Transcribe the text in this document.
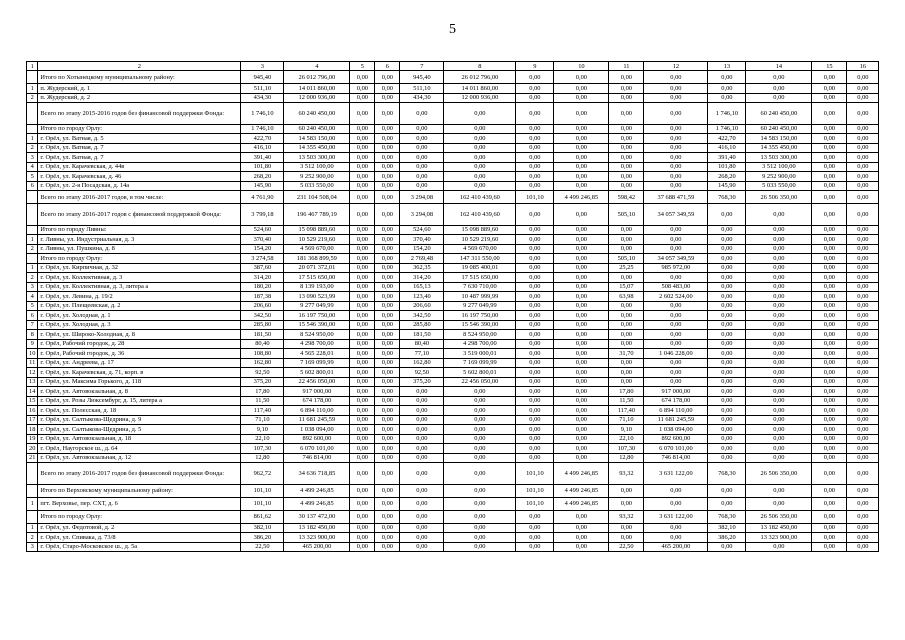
5
1	2	3	4	5	6	7	8	9	10	11	12	13	14	15	16
	Итого по Хотынецкому муниципальному району:	945,40	26 012 796,00	0,00	0,00	945,40	26 012 796,00	0,00	0,00	0,00	0,00	0,00	0,00	0,00	0,00
1	п. Жудерский, д. 1	511,10	14 011 860,00	0,00	0,00	511,10	14 011 860,00	0,00	0,00	0,00	0,00	0,00	0,00	0,00	0,00
2	п. Жудерский, д. 2	434,30	12 000 936,00	0,00	0,00	434,30	12 000 936,00	0,00	0,00	0,00	0,00	0,00	0,00	0,00	0,00
	Всего по этапу 2015-2016 годов без финансовой поддержки Фонда:	1 746,10	60 240 450,00	0,00	0,00	0,00	0,00	0,00	0,00	0,00	0,00	1 746,10	60 240 450,00	0,00	0,00
	Итого по городу Орлу:	1 746,10	60 240 450,00	0,00	0,00	0,00	0,00	0,00	0,00	0,00	0,00	1 746,10	60 240 450,00	0,00	0,00
1	г. Орёл, ул. Ватная, д. 5	422,70	14 583 150,00	0,00	0,00	0,00	0,00	0,00	0,00	0,00	0,00	422,70	14 583 150,00	0,00	0,00
2	г. Орёл, ул. Ватная, д. 7	416,10	14 355 450,00	0,00	0,00	0,00	0,00	0,00	0,00	0,00	0,00	416,10	14 355 450,00	0,00	0,00
3	г. Орёл, ул. Ватная, д. 7	391,40	13 503 300,00	0,00	0,00	0,00	0,00	0,00	0,00	0,00	0,00	391,40	13 503 300,00	0,00	0,00
4	г. Орёл, ул. Карачевская, д. 44в	101,80	3 512 100,00	0,00	0,00	0,00	0,00	0,00	0,00	0,00	0,00	101,80	3 512 100,00	0,00	0,00
5	г. Орёл, ул. Карачевская, д. 46	268,20	9 252 900,00	0,00	0,00	0,00	0,00	0,00	0,00	0,00	0,00	268,20	9 252 900,00	0,00	0,00
6	г. Орёл, ул. 2-я Посадская, д. 14а	145,90	5 033 550,00	0,00	0,00	0,00	0,00	0,00	0,00	0,00	0,00	145,90	5 033 550,00	0,00	0,00
	Всего по этапу 2016-2017 годов, в том числе:	4 761,90	231 104 508,04	0,00	0,00	3 294,08	162 410 439,60	101,10	4 499 246,85	598,42	37 688 471,59	768,30	26 506 350,00	0,00	0,00
	Всего по этапу 2016-2017 годов с финансовой поддержкой Фонда:	3 799,18	196 467 789,19	0,00	0,00	3 294,08	162 410 439,60	0,00	0,00	505,10	34 057 349,59	0,00	0,00	0,00	0,00
	Итого по городу Ливны:	524,60	15 098 889,60	0,00	0,00	524,60	15 098 889,60	0,00	0,00	0,00	0,00	0,00	0,00	0,00	0,00
1	г. Ливны, ул. Индустриальная, д. 3	370,40	10 529 219,60	0,00	0,00	370,40	10 529 219,60	0,00	0,00	0,00	0,00	0,00	0,00	0,00	0,00
2	г. Ливны, ул. Пушкина, д. 8	154,20	4 569 670,00	0,00	0,00	154,20	4 569 670,00	0,00	0,00	0,00	0,00	0,00	0,00	0,00	0,00
	Итого по городу Орлу:	3 274,58	181 368 899,59	0,00	0,00	2 769,48	147 311 550,00	0,00	0,00	505,10	34 057 349,59	0,00	0,00	0,00	0,00
1	г. Орёл, ул. Кирпичная, д. 32	387,60	20 071 372,01	0,00	0,00	362,35	19 085 400,01	0,00	0,00	25,25	985 972,00	0,00	0,00	0,00	0,00
2	г. Орёл, ул. Коллективная, д. 3	314,20	17 515 650,00	0,00	0,00	314,20	17 515 650,00	0,00	0,00	0,00	0,00	0,00	0,00	0,00	0,00
3	г. Орёл, ул. Коллективная, д. 3, литера а	180,20	8 139 193,00	0,00	0,00	165,13	7 630 710,00	0,00	0,00	15,07	508 483,00	0,00	0,00	0,00	0,00
4	г. Орёл, ул. Левина, д. 19/2	187,38	13 090 523,99	0,00	0,00	123,40	10 487 999,99	0,00	0,00	63,98	2 602 524,00	0,00	0,00	0,00	0,00
5	г. Орёл, ул. Плещеевская, д. 2	206,60	9 277 049,99	0,00	0,00	206,60	9 277 049,99	0,00	0,00	0,00	0,00	0,00	0,00	0,00	0,00
6	г. Орёл, ул. Холодная, д. 1	342,50	16 197 750,00	0,00	0,00	342,50	16 197 750,00	0,00	0,00	0,00	0,00	0,00	0,00	0,00	0,00
7	г. Орёл, ул. Холодная, д. 3	285,80	15 546 390,00	0,00	0,00	285,80	15 546 390,00	0,00	0,00	0,00	0,00	0,00	0,00	0,00	0,00
8	г. Орёл, ул. Широко-Холодная, д. 8	181,50	8 524 950,00	0,00	0,00	181,50	8 524 950,00	0,00	0,00	0,00	0,00	0,00	0,00	0,00	0,00
9	г. Орёл, Рабочий городок, д. 28	80,40	4 298 700,00	0,00	0,00	80,40	4 298 700,00	0,00	0,00	0,00	0,00	0,00	0,00	0,00	0,00
10	г. Орёл, Рабочий городок, д. 36	108,80	4 565 228,01	0,00	0,00	77,10	3 519 000,01	0,00	0,00	31,70	1 046 228,00	0,00	0,00	0,00	0,00
11	г. Орёл, ул. Андреева, д. 17	162,80	7 169 099,99	0,00	0,00	162,80	7 169 099,99	0,00	0,00	0,00	0,00	0,00	0,00	0,00	0,00
12	г. Орёл, ул. Карачевская, д. 71, корп. в	92,50	5 602 800,01	0,00	0,00	92,50	5 602 800,01	0,00	0,00	0,00	0,00	0,00	0,00	0,00	0,00
13	г. Орёл, ул. Максима Горького, д. 118	375,20	22 456 050,00	0,00	0,00	375,20	22 456 050,00	0,00	0,00	0,00	0,00	0,00	0,00	0,00	0,00
14	г. Орёл, ул. Автовокзальная, д. 8	17,80	917 000,00	0,00	0,00	0,00	0,00	0,00	0,00	17,80	917 000,00	0,00	0,00	0,00	0,00
15	г. Орёл, ул. Розы Люксембург, д. 15, литера а	11,50	674 178,00	0,00	0,00	0,00	0,00	0,00	0,00	11,50	674 178,00	0,00	0,00	0,00	0,00
16	г. Орёл, ул. Полесская, д. 18	117,40	6 894 110,00	0,00	0,00	0,00	0,00	0,00	0,00	117,40	6 894 110,00	0,00	0,00	0,00	0,00
17	г. Орёл, ул. Салтыкова-Щедрина, д. 9	71,10	11 681 245,59	0,00	0,00	0,00	0,00	0,00	0,00	71,10	11 681 245,59	0,00	0,00	0,00	0,00
18	г. Орёл, ул. Салтыкова-Щедрина, д. 5	9,10	1 038 094,00	0,00	0,00	0,00	0,00	0,00	0,00	9,10	1 038 094,00	0,00	0,00	0,00	0,00
19	г. Орёл, ул. Автовокзальная, д. 18	22,10	892 600,00	0,00	0,00	0,00	0,00	0,00	0,00	22,10	892 600,00	0,00	0,00	0,00	0,00
20	г. Орёл, Наугорское ш., д. 64	107,30	6 070 101,00	0,00	0,00	0,00	0,00	0,00	0,00	107,30	6 070 101,00	0,00	0,00	0,00	0,00
21	г. Орёл, ул. Автовокзальная, д. 12	12,80	746 814,00	0,00	0,00	0,00	0,00	0,00	0,00	12,80	746 814,00	0,00	0,00	0,00	0,00
	Всего по этапу 2016-2017 годов без финансовой поддержки Фонда:	962,72	34 636 718,85	0,00	0,00	0,00	0,00	101,10	4 499 246,85	93,32	3 631 122,00	768,30	26 506 350,00	0,00	0,00
	Итого по Верховскому муниципальному району:	101,10	4 499 246,85	0,00	0,00	0,00	0,00	101,10	4 499 246,85	0,00	0,00	0,00	0,00	0,00	0,00
1	пгт. Верховье, пер. СХТ, д. 6	101,10	4 499 246,85	0,00	0,00	0,00	0,00	101,10	4 499 246,85	0,00	0,00	0,00	0,00	0,00	0,00
	Итого по городу Орлу:	861,62	30 137 472,00	0,00	0,00	0,00	0,00	0,00	0,00	93,32	3 631 122,00	768,30	26 506 350,00	0,00	0,00
1	г. Орёл, ул. Федотовой, д. 2	382,10	13 182 450,00	0,00	0,00	0,00	0,00	0,00	0,00	0,00	0,00	382,10	13 182 450,00	0,00	0,00
2	г. Орёл, ул. Спивака, д. 73/8	386,20	13 323 900,00	0,00	0,00	0,00	0,00	0,00	0,00	0,00	0,00	386,20	13 323 900,00	0,00	0,00
3	г. Орёл, Старо-Московское ш., д. 5а	22,50	465 200,00	0,00	0,00	0,00	0,00	0,00	0,00	22,50	465 200,00	0,00	0,00	0,00	0,00
